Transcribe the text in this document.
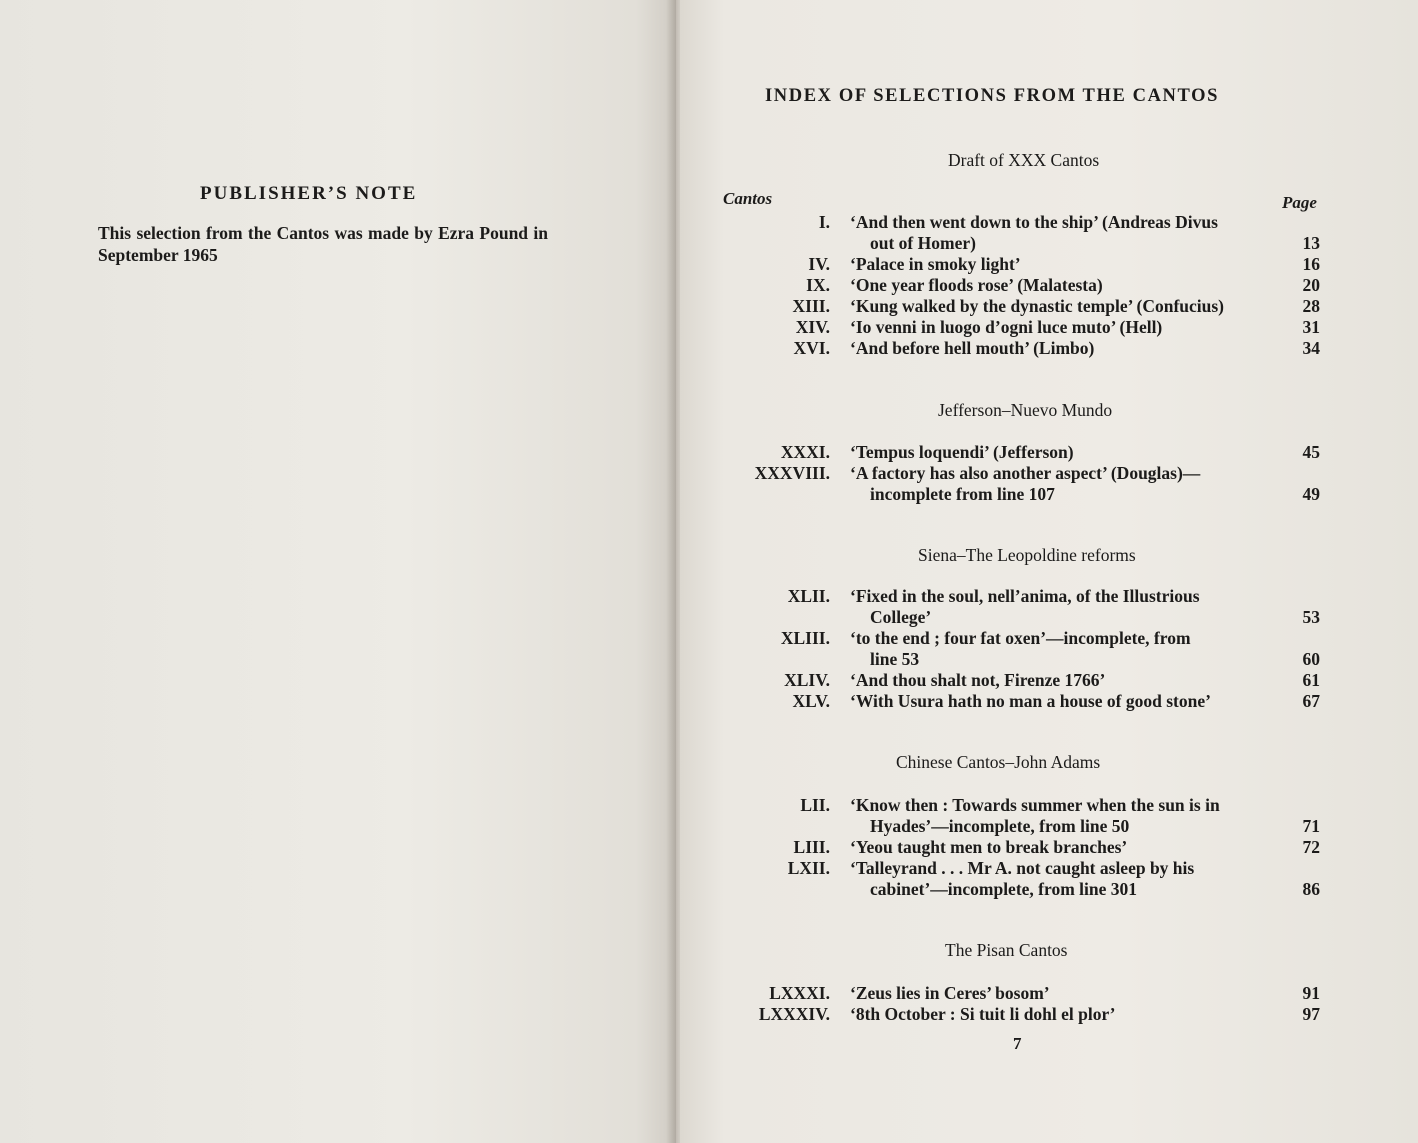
PUBLISHER’S NOTE
This selection from the Cantos was made by Ezra Pound in September 1965
INDEX OF SELECTIONS FROM THE CANTOS
Cantos	Page
Draft of XXX Cantos
I. ‘And then went down to the ship’ (Andreas Divus
out of Homer)	13
IV. ‘Palace in smoky light’	16
IX. ‘One year floods rose’ (Malatesta)	20
XIII. ‘Kung walked by the dynastic temple’ (Confucius)	28
XIV. ‘Io venni in luogo d’ogni luce muto’ (Hell)	31
XVI. ‘And before hell mouth’ (Limbo)	34
Jefferson–Nuevo Mundo
XXXI. ‘Tempus loquendi’ (Jefferson)	45
XXXVIII. ‘A factory has also another aspect’ (Douglas)—
incomplete from line 107	49
Siena–The Leopoldine reforms
XLII. ‘Fixed in the soul, nell’anima, of the Illustrious
College’	53
XLIII. ‘to the end ; four fat oxen’—incomplete, from
line 53	60
XLIV. ‘And thou shalt not, Firenze 1766’	61
XLV. ‘With Usura hath no man a house of good stone’	67
Chinese Cantos–John Adams
LII. ‘Know then : Towards summer when the sun is in
Hyades’—incomplete, from line 50	71
LIII. ‘Yeou taught men to break branches’	72
LXII. ‘Talleyrand . . . Mr A. not caught asleep by his
cabinet’—incomplete, from line 301	86
The Pisan Cantos
LXXXI. ‘Zeus lies in Ceres’ bosom’	91
LXXXIV. ‘8th October : Si tuit li dohl el plor’	97
7
